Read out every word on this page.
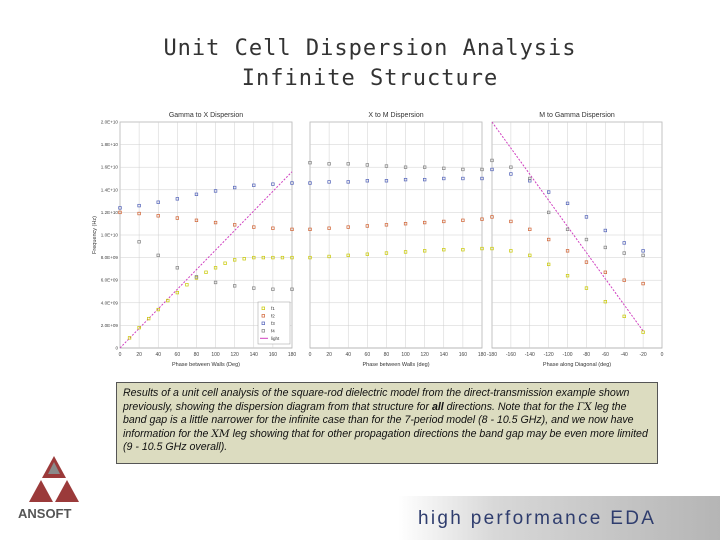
Unit Cell Dispersion Analysis
Infinite Structure
0	20	40	60	80 100 120 140 160 180
0
2.0E+09
4.0E+09
6.0E+09
8.0E+09
1.0E+10
1.2E+10
1.4E+10
1.6E+10
1.8E+10
2.0E+10
Gamma to X Dispersion
Phase between Walls (Deg)
Frequency (Hz)
f1
f2
f3
f4
light
0	20	40	60	80 100 120 140 160 180
X to M Dispersion
Phase between Walls (deg)
-180 -160 -140 -120 -100 -80 -60 -40 -20	0
M to Gamma Dispersion
Phase along Diagonal (deg)
Results of a unit cell analysis of the square-rod dielectric model from the direct-transmission example shown previously, showing the dispersion diagram from that structure for all directions. Note that for the ΓX leg the band gap is a little narrower for the infinite case than for the 7-period model (8 - 10.5 GHz), and we now have information for the XM leg showing that for other propagation directions the band gap may be even more limited (9 - 10.5 GHz overall).
ANSOFT	high performance EDA
